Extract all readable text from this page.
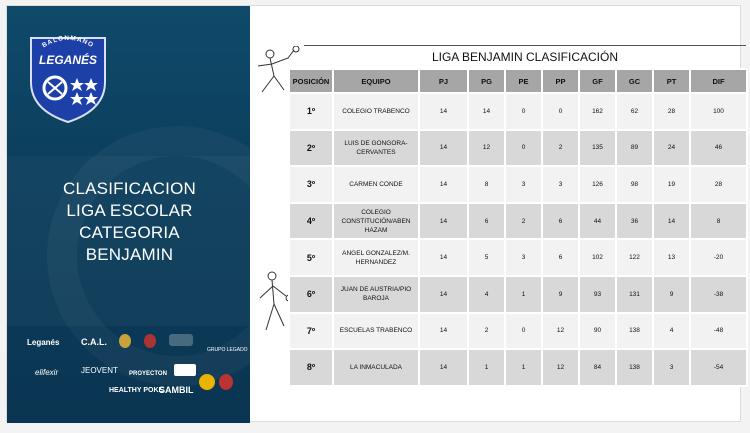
BALONMANO
LEGANÉS
CLASIFICACION
LIGA ESCOLAR
CATEGORIA
BENJAMIN
Leganés C.A.L.
GRUPO LEGADO
elifexir	JEOVENT PROYECTON
HEALTHY POKE
SAMBIL
LIGA BENJAMIN CLASIFICACIÓN
POSICIÓN	EQUIPO	PJ	PG	PE	PP	GF	GC	PT	DIF
1º	COLEGIO TRABENCO	14	14	0	0	162	62	28	100
2º	LUIS DE GONGORA-CERVANTES	14	12	0	2	135	89	24	46
3º	CARMEN CONDE	14	8	3	3	126	98	19	28
4º	COLEGIO CONSTITUCIÓN/ABEN HAZAM	14	6	2	6	44	36	14	8
5º	ANGEL GONZALEZ/M. HERNANDEZ	14	5	3	6	102	122	13	-20
6º	JUAN DE AUSTRIA/PIO BAROJA	14	4	1	9	93	131	9	-38
7º	ESCUELAS TRABENCO	14	2	0	12	90	138	4	-48
8º	LA INMACULADA	14	1	1	12	84	138	3	-54
